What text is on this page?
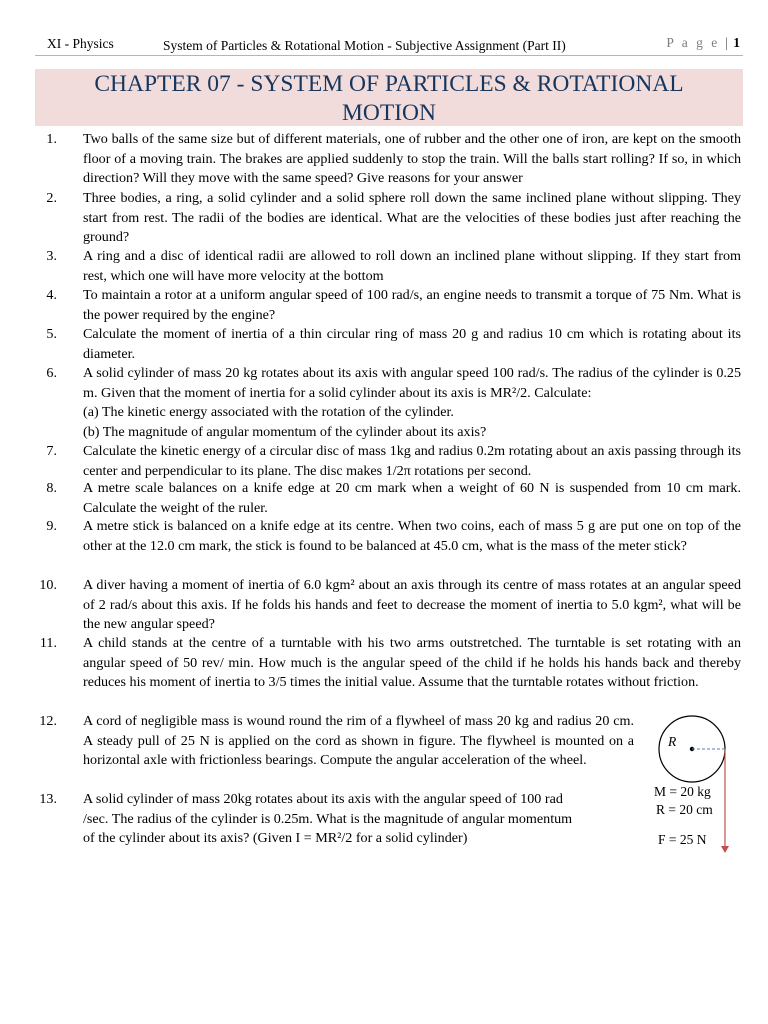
XI - Physics	System of Particles & Rotational Motion - Subjective Assignment (Part II)	P a g e | 1
CHAPTER 07 - SYSTEM OF PARTICLES & ROTATIONAL
MOTION
1. Two balls of the same size but of different materials, one of rubber and the other one of iron, are kept on the smooth floor of a moving train. The brakes are applied suddenly to stop the train. Will the balls start rolling? If so, in which direction? Will they move with the same speed? Give reasons for your answer
2. Three bodies, a ring, a solid cylinder and a solid sphere roll down the same inclined plane without slipping. They start from rest. The radii of the bodies are identical. What are the velocities of these bodies just after reaching the ground?
3. A ring and a disc of identical radii are allowed to roll down an inclined plane without slipping. If they start from rest, which one will have more velocity at the bottom
4. To maintain a rotor at a uniform angular speed of 100 rad/s, an engine needs to transmit a torque of 75 Nm. What is the power required by the engine?
5. Calculate the moment of inertia of a thin circular ring of mass 20 g and radius 10 cm which is rotating about its diameter.
6. A solid cylinder of mass 20 kg rotates about its axis with angular speed 100 rad/s. The radius of the cylinder is 0.25 m. Given that the moment of inertia for a solid cylinder about its axis is MR²/2. Calculate:
(a) The kinetic energy associated with the rotation of the cylinder.
(b) The magnitude of angular momentum of the cylinder about its axis?
7. Calculate the kinetic energy of a circular disc of mass 1kg and radius 0.2m rotating about an axis passing through its center and perpendicular to its plane. The disc makes 1/2π rotations per second.
8. A metre scale balances on a knife edge at 20 cm mark when a weight of 60 N is suspended from 10 cm mark. Calculate the weight of the ruler.
9. A metre stick is balanced on a knife edge at its centre. When two coins, each of mass 5 g are put one on top of the other at the 12.0 cm mark, the stick is found to be balanced at 45.0 cm, what is the mass of the meter stick?
10. A diver having a moment of inertia of 6.0 kgm² about an axis through its centre of mass rotates at an angular speed of 2 rad/s about this axis. If he folds his hands and feet to decrease the moment of inertia to 5.0 kgm², what will be the new angular speed?
11. A child stands at the centre of a turntable with his two arms outstretched. The turntable is set rotating with an angular speed of 50 rev/ min. How much is the angular speed of the child if he holds his hands back and thereby reduces his moment of inertia to 3/5 times the initial value. Assume that the turntable rotates without friction.
12. A cord of negligible mass is wound round the rim of a flywheel of mass 20 kg and radius 20 cm. A steady pull of 25 N is applied on the cord as shown in figure. The flywheel is mounted on a horizontal axle with frictionless bearings. Compute the angular acceleration of the wheel.
13. A solid cylinder of mass 20kg rotates about its axis with the angular speed of 100 rad
/sec. The radius of the cylinder is 0.25m. What is the magnitude of angular momentum
of the cylinder about its axis? (Given I = MR²/2 for a solid cylinder)
R
M = 20 kg
R = 20 cm
F = 25 N
